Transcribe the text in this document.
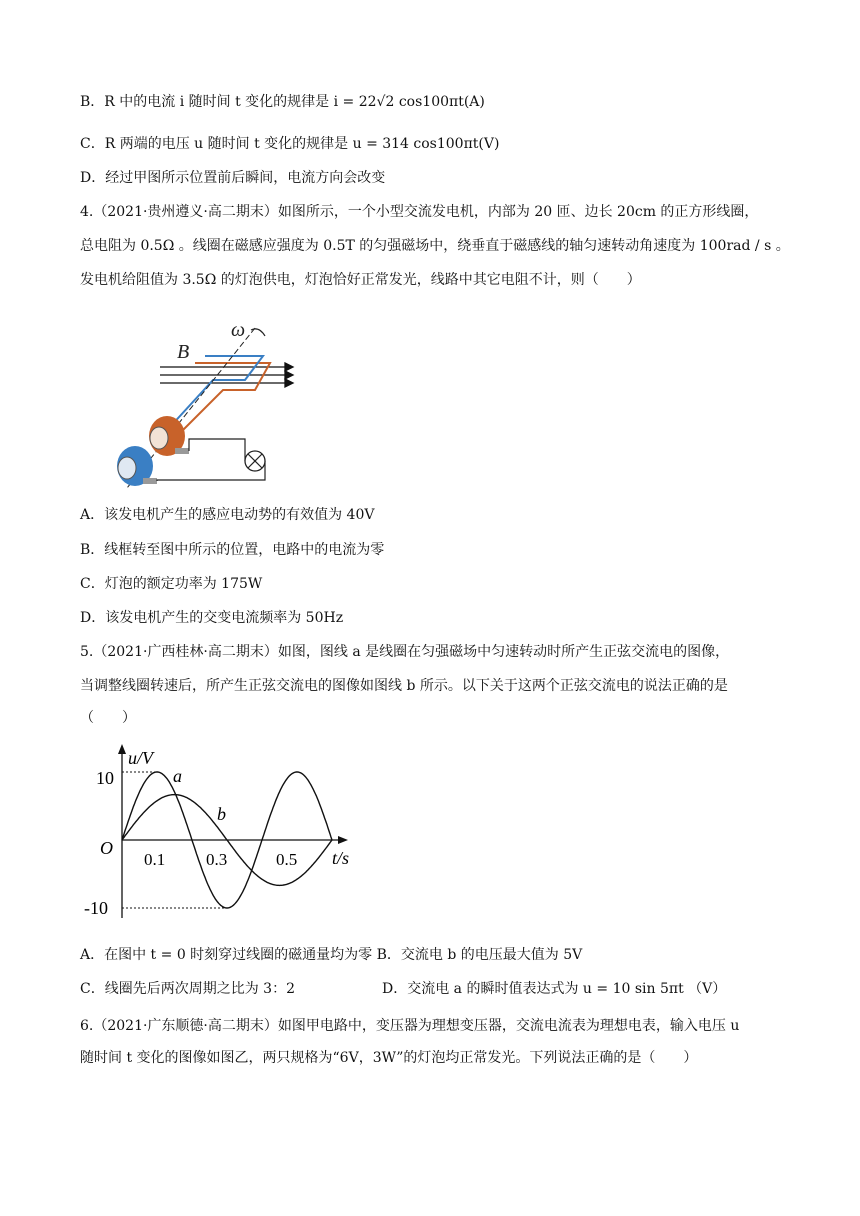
B．R 中的电流 i 随时间 t 变化的规律是 i = 22√2 cos100πt(A)
C．R 两端的电压 u 随时间 t 变化的规律是 u = 314 cos100πt(V)
D．经过甲图所示位置前后瞬间，电流方向会改变
4.（2021·贵州遵义·高二期末）如图所示，一个小型交流发电机，内部为 20 匝、边长 20cm 的正方形线圈，
总电阻为 0.5Ω 。线圈在磁感应强度为 0.5T 的匀强磁场中，绕垂直于磁感线的轴匀速转动角速度为 100rad / s 。
发电机给阻值为 3.5Ω 的灯泡供电，灯泡恰好正常发光，线路中其它电阻不计，则（　　）
B
ω
A．该发电机产生的感应电动势的有效值为 40V
B．线框转至图中所示的位置，电路中的电流为零
C．灯泡的额定功率为 175W
D．该发电机产生的交变电流频率为 50Hz
5.（2021·广西桂林·高二期末）如图，图线 a 是线圈在匀强磁场中匀速转动时所产生正弦交流电的图像，
当调整线圈转速后，所产生正弦交流电的图像如图线 b 所示。以下关于这两个正弦交流电的说法正确的是
（　　）
u/V
t/s
O
10
-10
0.1 0.3	0.5
a
b
A．在图中 t = 0 时刻穿过线圈的磁通量均为零 B．交流电 b 的电压最大值为 5V
C．线圈先后两次周期之比为 3：2	D．交流电 a 的瞬时值表达式为 u = 10 sin 5πt （V）
6.（2021·广东顺德·高二期末）如图甲电路中，变压器为理想变压器，交流电流表为理想电表，输入电压 u
随时间 t 变化的图像如图乙，两只规格为“6V，3W”的灯泡均正常发光。下列说法正确的是（　　）
